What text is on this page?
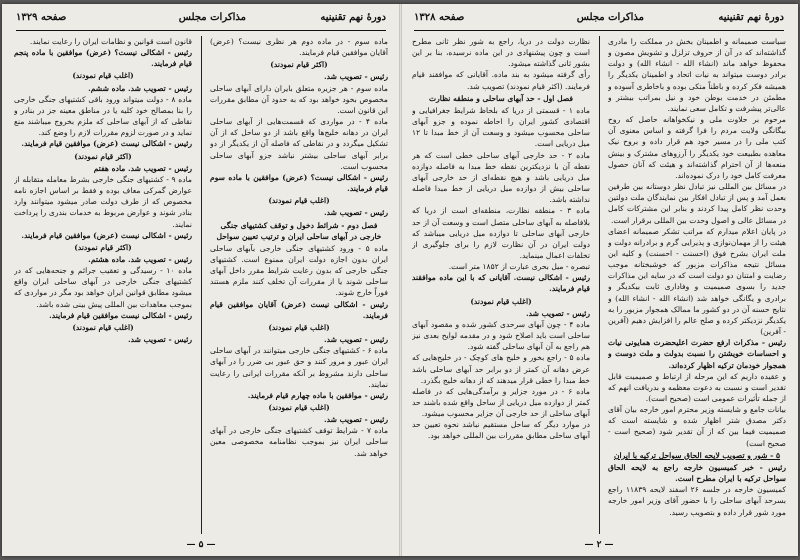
دورهٔ نهم تقنینیه
مذاکرات مجلس
صفحه ۱۳۲۸

سیاست صمیمانه و اطمینان بخش در مملکت را مادری گذاشته‌اند که در آن از حروف تزلزل و تشویش مصون و محفوظ خواهد ماند (انشاء الله - انشاء الله) و دولت برادر دوست میتواند به نیات اتحاد و اطمینان یکدیگر را همیشه فکر کرده و باطناً متکی بوده و باخاطری آسوده و مطمئن در خدمت بوطن خود و نیل بمراتب بیشتر و عالی‌تر پیشرفت و تکامل سعی نمایند.

مرحوم بر حلاوت ملی و نیکخواهانه حاصل که روح بیگانگی ولایت مردم را فرا گرفته و اساس معنوی آن کتب ملی را در مسیر خود هم قرار داده و بروح نیک معاهده بطبیعت خود یکدیگر را آرزوهای مشترک و بینش منعه‌ها از آن احترام گذاشته‌اند و هیئت که آنان حصول معرفت کامل خود را درک نموده‌اند.

در مسائل بین المللی نیز تبادل نظر دوستانه بین طرفین بعمل آمد و پس از تبادل افکار بین نمایندگان ملت دولتین وحدت نظر کامل پیدا کردند و بنابر این مشترکات کامل در مسائل عالی و اصول وحدت بین المللی برقرار است.

در پایان اعلام میدارم که مراتب تشکر صمیمانه اعضای هیئت را از مهمان‌نوازی و پذیرایی گرم و برادرانه دولت و ملت ایران بشرح فوق (احسنت - احسنت) و کلیه این مسائل نتیجه مذاکرات مزبور که خوشبختانه موجب رضایت و امتنان دو دولت است که در سایه این مذاکرات جدید را بسوی صمیمیت و وفاداری ثابت بیکدیگر و برادری و یگانگی خواهد شد (انشاء الله - انشاء الله) و نتایج حسنه آن در دو کشور ما ممالک همجوار مزبور را به یکدیگر نزدیکتر کرده و صلح عالم را افزایش دهیم (آفرین - آفرین)

رئیس - مذکرات ارفع حضرت اعلیحضرت همایونی نیات و احساسات خویشتن را نسبت بدولت و ملت دوست و همجوار خودمان ترکیه اظهار کرده‌اند.

و عقیده داریم که این مرحله از ارتباط و صمیمیت قابل تقدیر است و نسبت به دعوت معظمه و بدریافت انهم که از جمله تأثیرات عمومی است (صحیح است).

بیانات جامع و شایسته وزیر محترم امور خارجه بیان آقای دکتر مصدق شتر اظهار شده و شایسته است که صمیمیت فیما بین که از آن تقدیر شود (صحیح است - صحیح است)

۵ - شور و تصویب لایحه الحاق سواحل ترکیه با ایران

رئیس - خبر کمیسیون خارجه راجع به لایحه الحاق سواحل ترکیه با ایران مطرح است.

کمیسیون خارجه در جلسه ۲۶ اسفند لایحه ۱۱۸۳۹ راجع بسرحد آبهای ساحلی را با حضور آقای وزیر امور خارجه مورد شور قرار داده و بتصویب رسید.

نظارت دولت در دریا، راجع به شور نظر ثانی مطرح است و چون پیشنهادی در این ماده نرسیده، بنا بر این بشور ثانی گذاشته میشود.

رأی گرفته میشود به بند ماده. آقایانی که موافقند قیام فرمایند. (اکثر قیام نمودند) تصویب شد.

فصل اول - حد آبهای ساحلی و منطقه نظارت

ماده ۱ - قسمتی از دریا که بلحاظ شرایط جغرافیایی و اقتصادی کشور ایران را احاطه نموده و جزو آبهای ساحلی محسوب میشود و وسعت آن از خط مبدا تا ۱۲ میل دریایی است.

ماده ۲ - حد خارجی آبهای ساحلی خطی است که هر نقطه آن با نزدیکترین نقطه خط مبدا به فاصله دوازده میل دریایی باشد و هیچ نقطه‌ای از حد خارجی آبهای ساحلی بیش از دوازده میل دریایی از خط مبدا فاصله نداشته باشد.

ماده ۳ - منطقه نظارت، منطقه‌ای است از دریا که بلافاصله به آبهای ساحلی متصل است و وسعت آن از حد خارجی آبهای ساحلی تا دوازده میل دریایی میباشد که دولت ایران در آن نظارت لازم را برای جلوگیری از تخلفات اعمال مینماید.

تبصره - میل بحری عبارت از ۱۸۵۲ متر است.

رئیس - اشکالی نیست. آقایانی که با این ماده موافقند قیام فرمایند.

(اغلب قیام نمودند)

رئیس - تصویب شد.

ماده ۴ - چون آبهای سرحدی کشور شده و مقصود آبهای ساحلی است باید اصلاح شود و در مقدمه لوایح بعدی نیز هم راجع به آن آبهای ساحلی گفته شود.

ماده ۵ - راجع بخور و خلیج های کوچک - در خلیج‌هایی که عرض دهانه آن کمتر از دو برابر حد آبهای ساحلی باشد خط مبدا را خطی قرار میدهند که از دهانه خلیج بگذرد.

ماده ۶ - در مورد جزایر و برآمدگی‌هایی که در فاصله کمتر از دوازده میل دریایی از ساحل واقع شده باشند حد آبهای ساحلی از حد خارجی آن جزایر محسوب میشود.

در موارد دیگر که ساحل مستقیم نباشد نحوه تعیین حد آبهای ساحلی مطابق مقررات بین المللی خواهد بود.

— ۲ —
دورهٔ نهم تقنینیه
مذاکرات مجلس
صفحه ۱۳۲۹

ماده سوم - در ماده دوم هر نظری نیست؟ (عرض) آقایان موافقین قیام فرمایند.

(اکثر قیام نمودند)

رئیس - تصویب شد.

ماده سوم - هر جزیره متعلق بایران دارای آبهای ساحلی مخصوص بخود خواهد بود که به حدود آن مطابق مقررات این قانون است.

ماده ۴ - در مواردی که قسمت‌هایی از آبهای ساحلی ایران در دهانه خلیج‌ها واقع باشد از دو ساحل که از آن تشکیل میگردد و در نقاطی که فاصله آن از یکدیگر از دو برابر آبهای ساحلی بیشتر نباشد جزو آبهای ساحلی محسوب است.

رئیس - اشکالی نیست؟ (عرض) موافقین با ماده سوم قیام فرمایند.

(اغلب قیام نمودند)

رئیس - تصویب شد.

فصل دوم - شرائط دخول و توقف کشتیهای جنگی خارجی در آبهای ساحلی ایران و ترتیب تعیین سواحل

ماده ۵ - ورود کشتیهای جنگی خارجی بآبهای ساحلی ایران بدون اجازه دولت ایران ممنوع است. کشتیهای جنگی خارجی که بدون رعایت شرایط مقرر داخل آبهای ساحلی شوند یا از مقررات آن تخلف کنند ملزم هستند فوراً خارج شوند.

رئیس - اشکالی نیست (عرض) آقایان موافقین قیام فرمایند.

(اغلب قیام نمودند)

رئیس - تصویب شد.

ماده ۶ - کشتیهای جنگی خارجی میتوانند در آبهای ساحلی ایران عبور و مرور کنند و حق عبور بی ضرر را در آبهای ساحلی دارند مشروط بر آنکه مقررات ایرانی را رعایت نمایند.

رئیس - موافقین با ماده چهارم قیام فرمایند.

(اغلب قیام نمودند)

رئیس - تصویب شد.

ماده ۷ - شرایط توقف کشتیهای جنگی خارجی در آبهای ساحلی ایران نیز بموجب نظامنامه مخصوصی معین خواهد شد.

قانون است قوانین و نظامات ایران را رعایت نمایند.

رئیس - اشکالی نیست؟ (عرض) موافقین با ماده پنجم قیام فرمایند.

(اغلب قیام نمودند)

رئیس - تصویب شد. ماده ششم.

ماده ۸ - دولت میتواند ورود باقی کشتیهای جنگی خارجی را بنا بمصالح خود کلیه یا در مناطق معینه جز در بنادر و نقاطی که از آبهای ساحلی که ملزم بخروج میباشند منع نماید و در صورت لزوم مقررات لازم را وضع کند.

رئیس - اشکالی نیست (عرض) موافقین قیام فرمایند.

(اکثر قیام نمودند)

رئیس - تصویب شد. ماده هفتم

ماده ۹ - کشتیهای جنگی خارجی بشرط معامله متقابله از عوارض گمرکی معاف بوده و فقط بر اساس اجازه نامه مخصوص که از طرف دولت صادر میشود میتوانند وارد بنادر شوند و عوارض مربوط به خدمات بندری را پرداخت نمایند.

رئیس - اشکالی نیست (عرض) موافقین قیام فرمایند.

(اکثر قیام نمودند)

رئیس - تصویب شد. ماده هشتم.

ماده ۱۰ - رسیدگی و تعقیب جرائم و جنحه‌هایی که در کشتیهای جنگی خارجی در آبهای ساحلی ایران واقع میشود مطابق قوانین ایران خواهد بود مگر در مواردی که بموجب معاهدات بین المللی پیش بینی شده باشد.

رئیس - اشکالی نیست موافقین قیام فرمایند.

(اغلب قیام نمودند)

رئیس - تصویب شد.

— ۵ —
